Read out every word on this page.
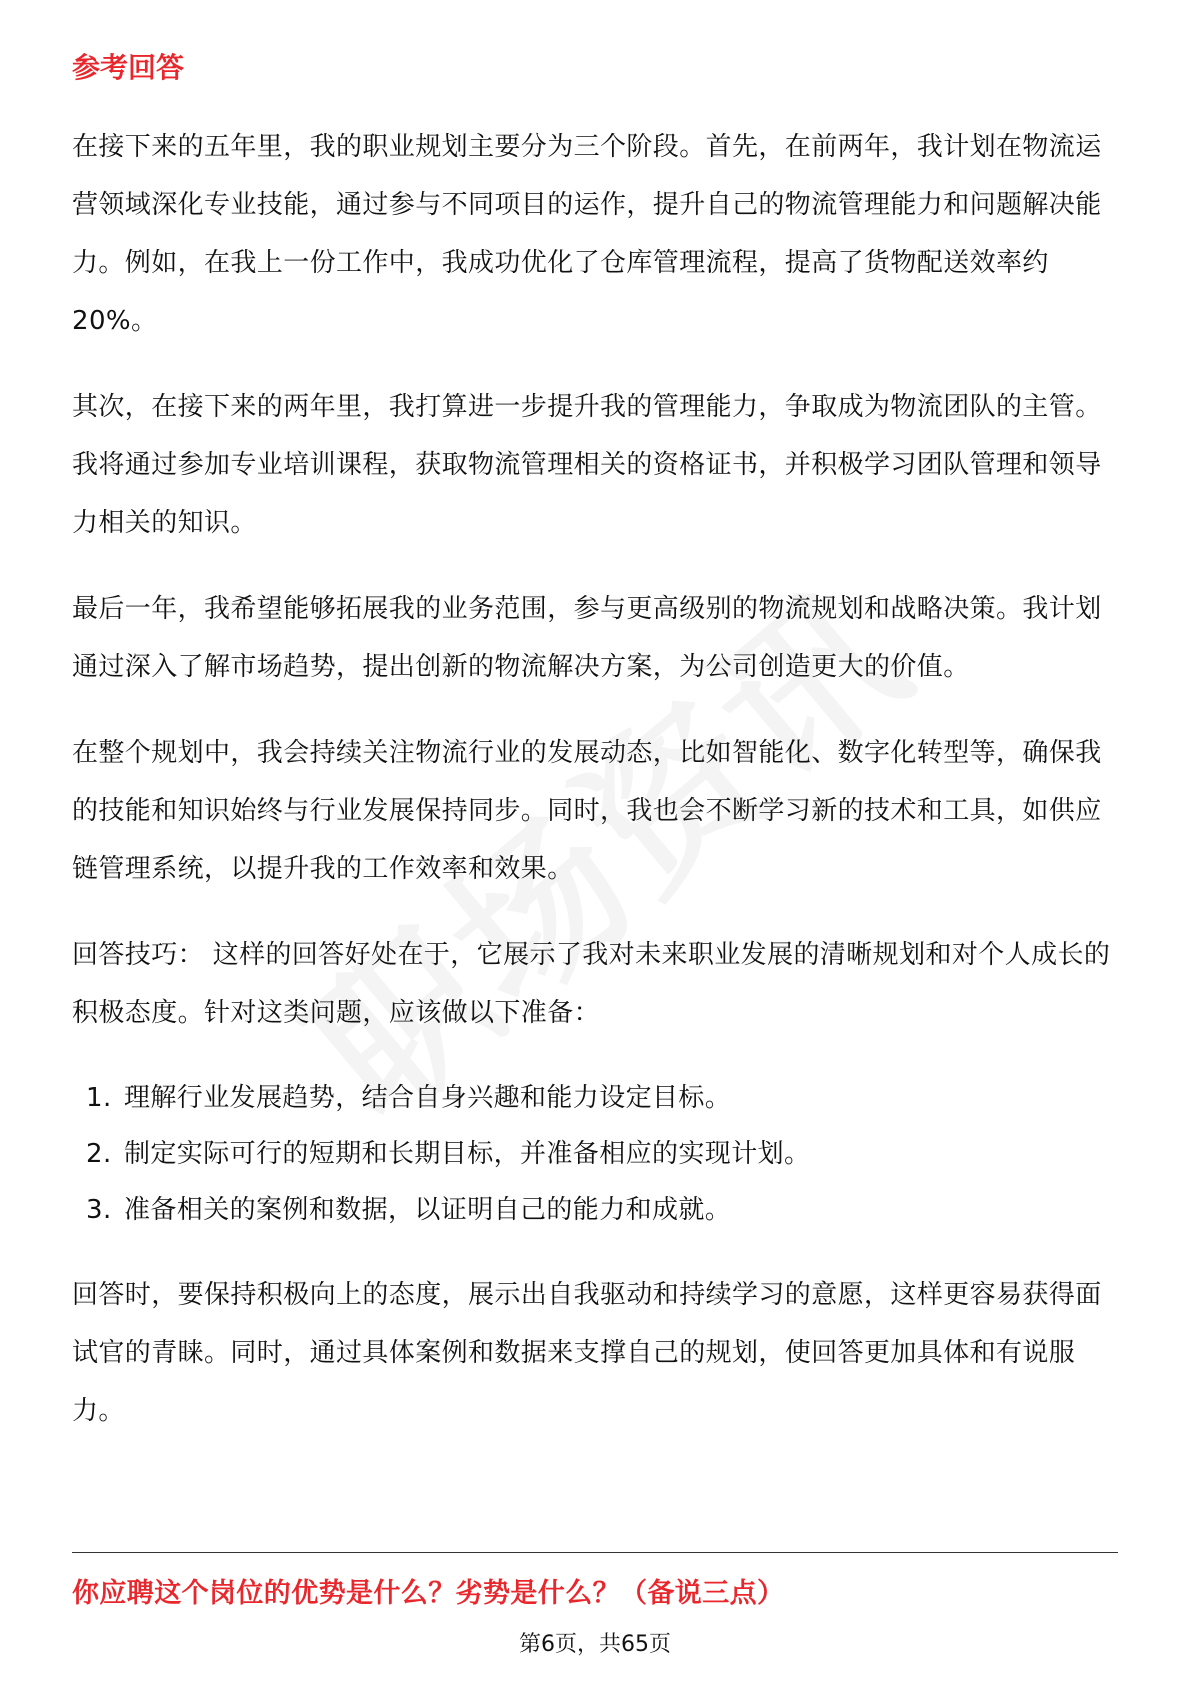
参考回答

在接下来的五年里，我的职业规划主要分为三个阶段。首先，在前两年，我计划在物流运营领域深化专业技能，通过参与不同项目的运作，提升自己的物流管理能力和问题解决能力。例如，在我上一份工作中，我成功优化了仓库管理流程，提高了货物配送效率约20%。

其次，在接下来的两年里，我打算进一步提升我的管理能力，争取成为物流团队的主管。我将通过参加专业培训课程，获取物流管理相关的资格证书，并积极学习团队管理和领导力相关的知识。

最后一年，我希望能够拓展我的业务范围，参与更高级别的物流规划和战略决策。我计划通过深入了解市场趋势，提出创新的物流解决方案，为公司创造更大的价值。

在整个规划中，我会持续关注物流行业的发展动态，比如智能化、数字化转型等，确保我的技能和知识始终与行业发展保持同步。同时，我也会不断学习新的技术和工具，如供应链管理系统，以提升我的工作效率和效果。

回答技巧： 这样的回答好处在于，它展示了我对未来职业发展的清晰规划和对个人成长的积极态度。针对这类问题，应该做以下准备：

1. 理解行业发展趋势，结合自身兴趣和能力设定目标。
2. 制定实际可行的短期和长期目标，并准备相应的实现计划。
3. 准备相关的案例和数据，以证明自己的能力和成就。

回答时，要保持积极向上的态度，展示出自我驱动和持续学习的意愿，这样更容易获得面试官的青睐。同时，通过具体案例和数据来支撑自己的规划，使回答更加具体和有说服力。

你应聘这个岗位的优势是什么？劣势是什么？（备说三点）
第6页，共65页
